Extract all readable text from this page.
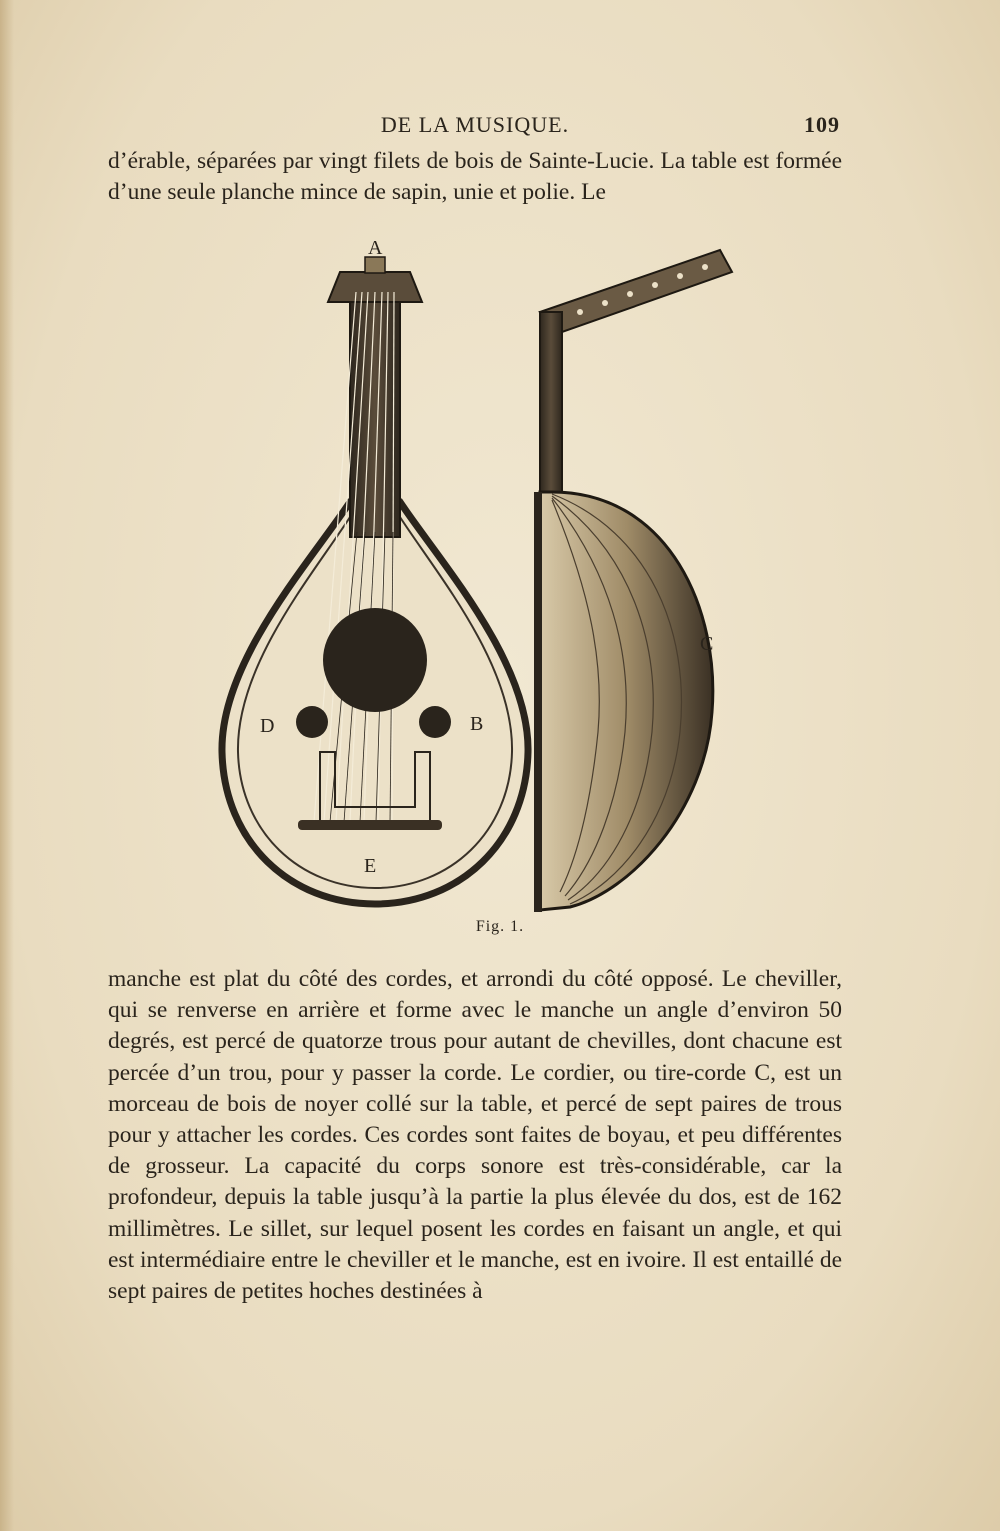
DE LA MUSIQUE.	109

d’érable, séparées par vingt filets de bois de Sainte-Lucie. La table est formée d’une seule planche mince de sapin, unie et polie. Le

A
B
D
E
C
Fig. 1.

manche est plat du côté des cordes, et arrondi du côté opposé. Le cheviller, qui se renverse en arrière et forme avec le manche un angle d’environ 50 degrés, est percé de quatorze trous pour autant de chevilles, dont chacune est percée d’un trou, pour y passer la corde. Le cordier, ou tire-corde C, est un morceau de bois de noyer collé sur la table, et percé de sept paires de trous pour y attacher les cordes. Ces cordes sont faites de boyau, et peu différentes de grosseur. La capacité du corps sonore est très-considérable, car la profondeur, depuis la table jusqu’à la partie la plus élevée du dos, est de 162 millimètres. Le sillet, sur lequel posent les cordes en faisant un angle, et qui est intermédiaire entre le cheviller et le manche, est en ivoire. Il est entaillé de sept paires de petites hoches destinées à
